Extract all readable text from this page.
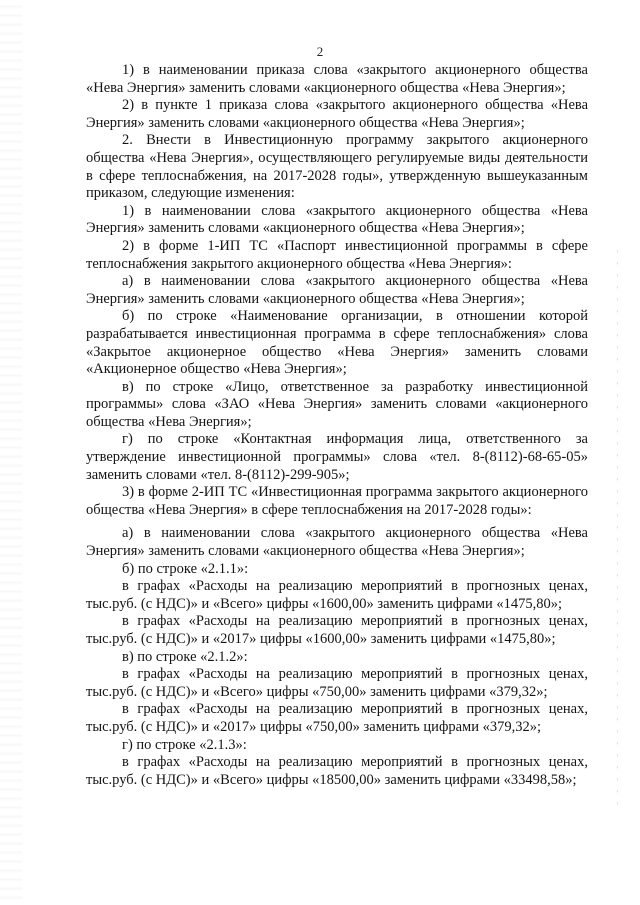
2

1) в наименовании приказа слова «закрытого акционерного общества «Нева Энергия» заменить словами «акционерного общества «Нева Энергия»;

2) в пункте 1 приказа слова «закрытого акционерного общества «Нева Энергия» заменить словами «акционерного общества «Нева Энергия»;

2. Внести в Инвестиционную программу закрытого акционерного общества «Нева Энергия», осуществляющего регулируемые виды деятельности в сфере теплоснабжения, на 2017-2028 годы», утвержденную вышеуказанным приказом, следующие изменения:

1) в наименовании слова «закрытого акционерного общества «Нева Энергия» заменить словами «акционерного общества «Нева Энергия»;

2) в форме 1-ИП ТС «Паспорт инвестиционной программы в сфере теплоснабжения закрытого акционерного общества «Нева Энергия»:

а) в наименовании слова «закрытого акционерного общества «Нева Энергия» заменить словами «акционерного общества «Нева Энергия»;

б) по строке «Наименование организации, в отношении которой разрабатывается инвестиционная программа в сфере теплоснабжения» слова «Закрытое акционерное общество «Нева Энергия» заменить словами «Акционерное общество «Нева Энергия»;

в) по строке «Лицо, ответственное за разработку инвестиционной программы» слова «ЗАО «Нева Энергия» заменить словами «акционерного общества «Нева Энергия»;

г) по строке «Контактная информация лица, ответственного за утверждение инвестиционной программы» слова «тел. 8-(8112)-68-65-05» заменить словами «тел. 8-(8112)-299-905»;

3) в форме 2-ИП ТС «Инвестиционная программа закрытого акционерного общества «Нева Энергия» в сфере теплоснабжения на 2017-2028 годы»:

а) в наименовании слова «закрытого акционерного общества «Нева Энергия» заменить словами «акционерного общества «Нева Энергия»;

б) по строке «2.1.1»:

в графах «Расходы на реализацию мероприятий в прогнозных ценах, тыс.руб. (с НДС)» и «Всего» цифры «1600,00» заменить цифрами «1475,80»;

в графах «Расходы на реализацию мероприятий в прогнозных ценах, тыс.руб. (с НДС)» и «2017» цифры «1600,00» заменить цифрами «1475,80»;

в) по строке «2.1.2»:

в графах «Расходы на реализацию мероприятий в прогнозных ценах, тыс.руб. (с НДС)» и «Всего» цифры «750,00» заменить цифрами «379,32»;

в графах «Расходы на реализацию мероприятий в прогнозных ценах, тыс.руб. (с НДС)» и «2017» цифры «750,00» заменить цифрами «379,32»;

г) по строке «2.1.3»:

в графах «Расходы на реализацию мероприятий в прогнозных ценах, тыс.руб. (с НДС)» и «Всего» цифры «18500,00» заменить цифрами «33498,58»;
